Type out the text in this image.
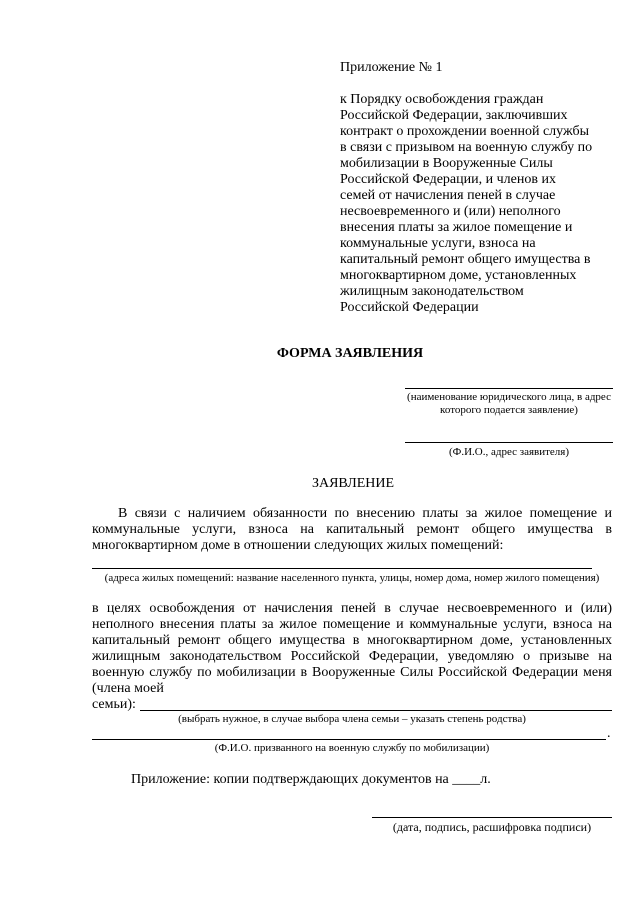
Приложение № 1
к Порядку освобождения граждан
Российской Федерации, заключивших
контракт о прохождении военной службы
в связи с призывом на военную службу по
мобилизации в Вооруженные Силы
Российской Федерации, и членов их
семей от начисления пеней в случае
несвоевременного и (или) неполного
внесения платы за жилое помещение и
коммунальные услуги, взноса на
капитальный ремонт общего имущества в
многоквартирном доме, установленных
жилищным законодательством
Российской Федерации
ФОРМА ЗАЯВЛЕНИЯ
(наименование юридического лица, в адрес которого подается заявление)
(Ф.И.О., адрес заявителя)
ЗАЯВЛЕНИЕ
В связи с наличием обязанности по внесению платы за жилое помещение и коммунальные услуги, взноса на капитальный ремонт общего имущества в многоквартирном доме в отношении следующих жилых помещений:
(адреса жилых помещений: название населенного пункта, улицы, номер дома, номер жилого помещения)
в целях освобождения от начисления пеней в случае несвоевременного и (или) неполного внесения платы за жилое помещение и коммунальные услуги, взноса на капитальный ремонт общего имущества в многоквартирном доме, установленных жилищным законодательством Российской Федерации, уведомляю о призыве на военную службу по мобилизации в Вооруженные Силы Российской Федерации меня (члена моей
семьи):
(выбрать нужное, в случае выбора члена семьи – указать степень родства)
.
(Ф.И.О. призванного на военную службу по мобилизации)
Приложение: копии подтверждающих документов на ____л.
(дата, подпись, расшифровка подписи)
